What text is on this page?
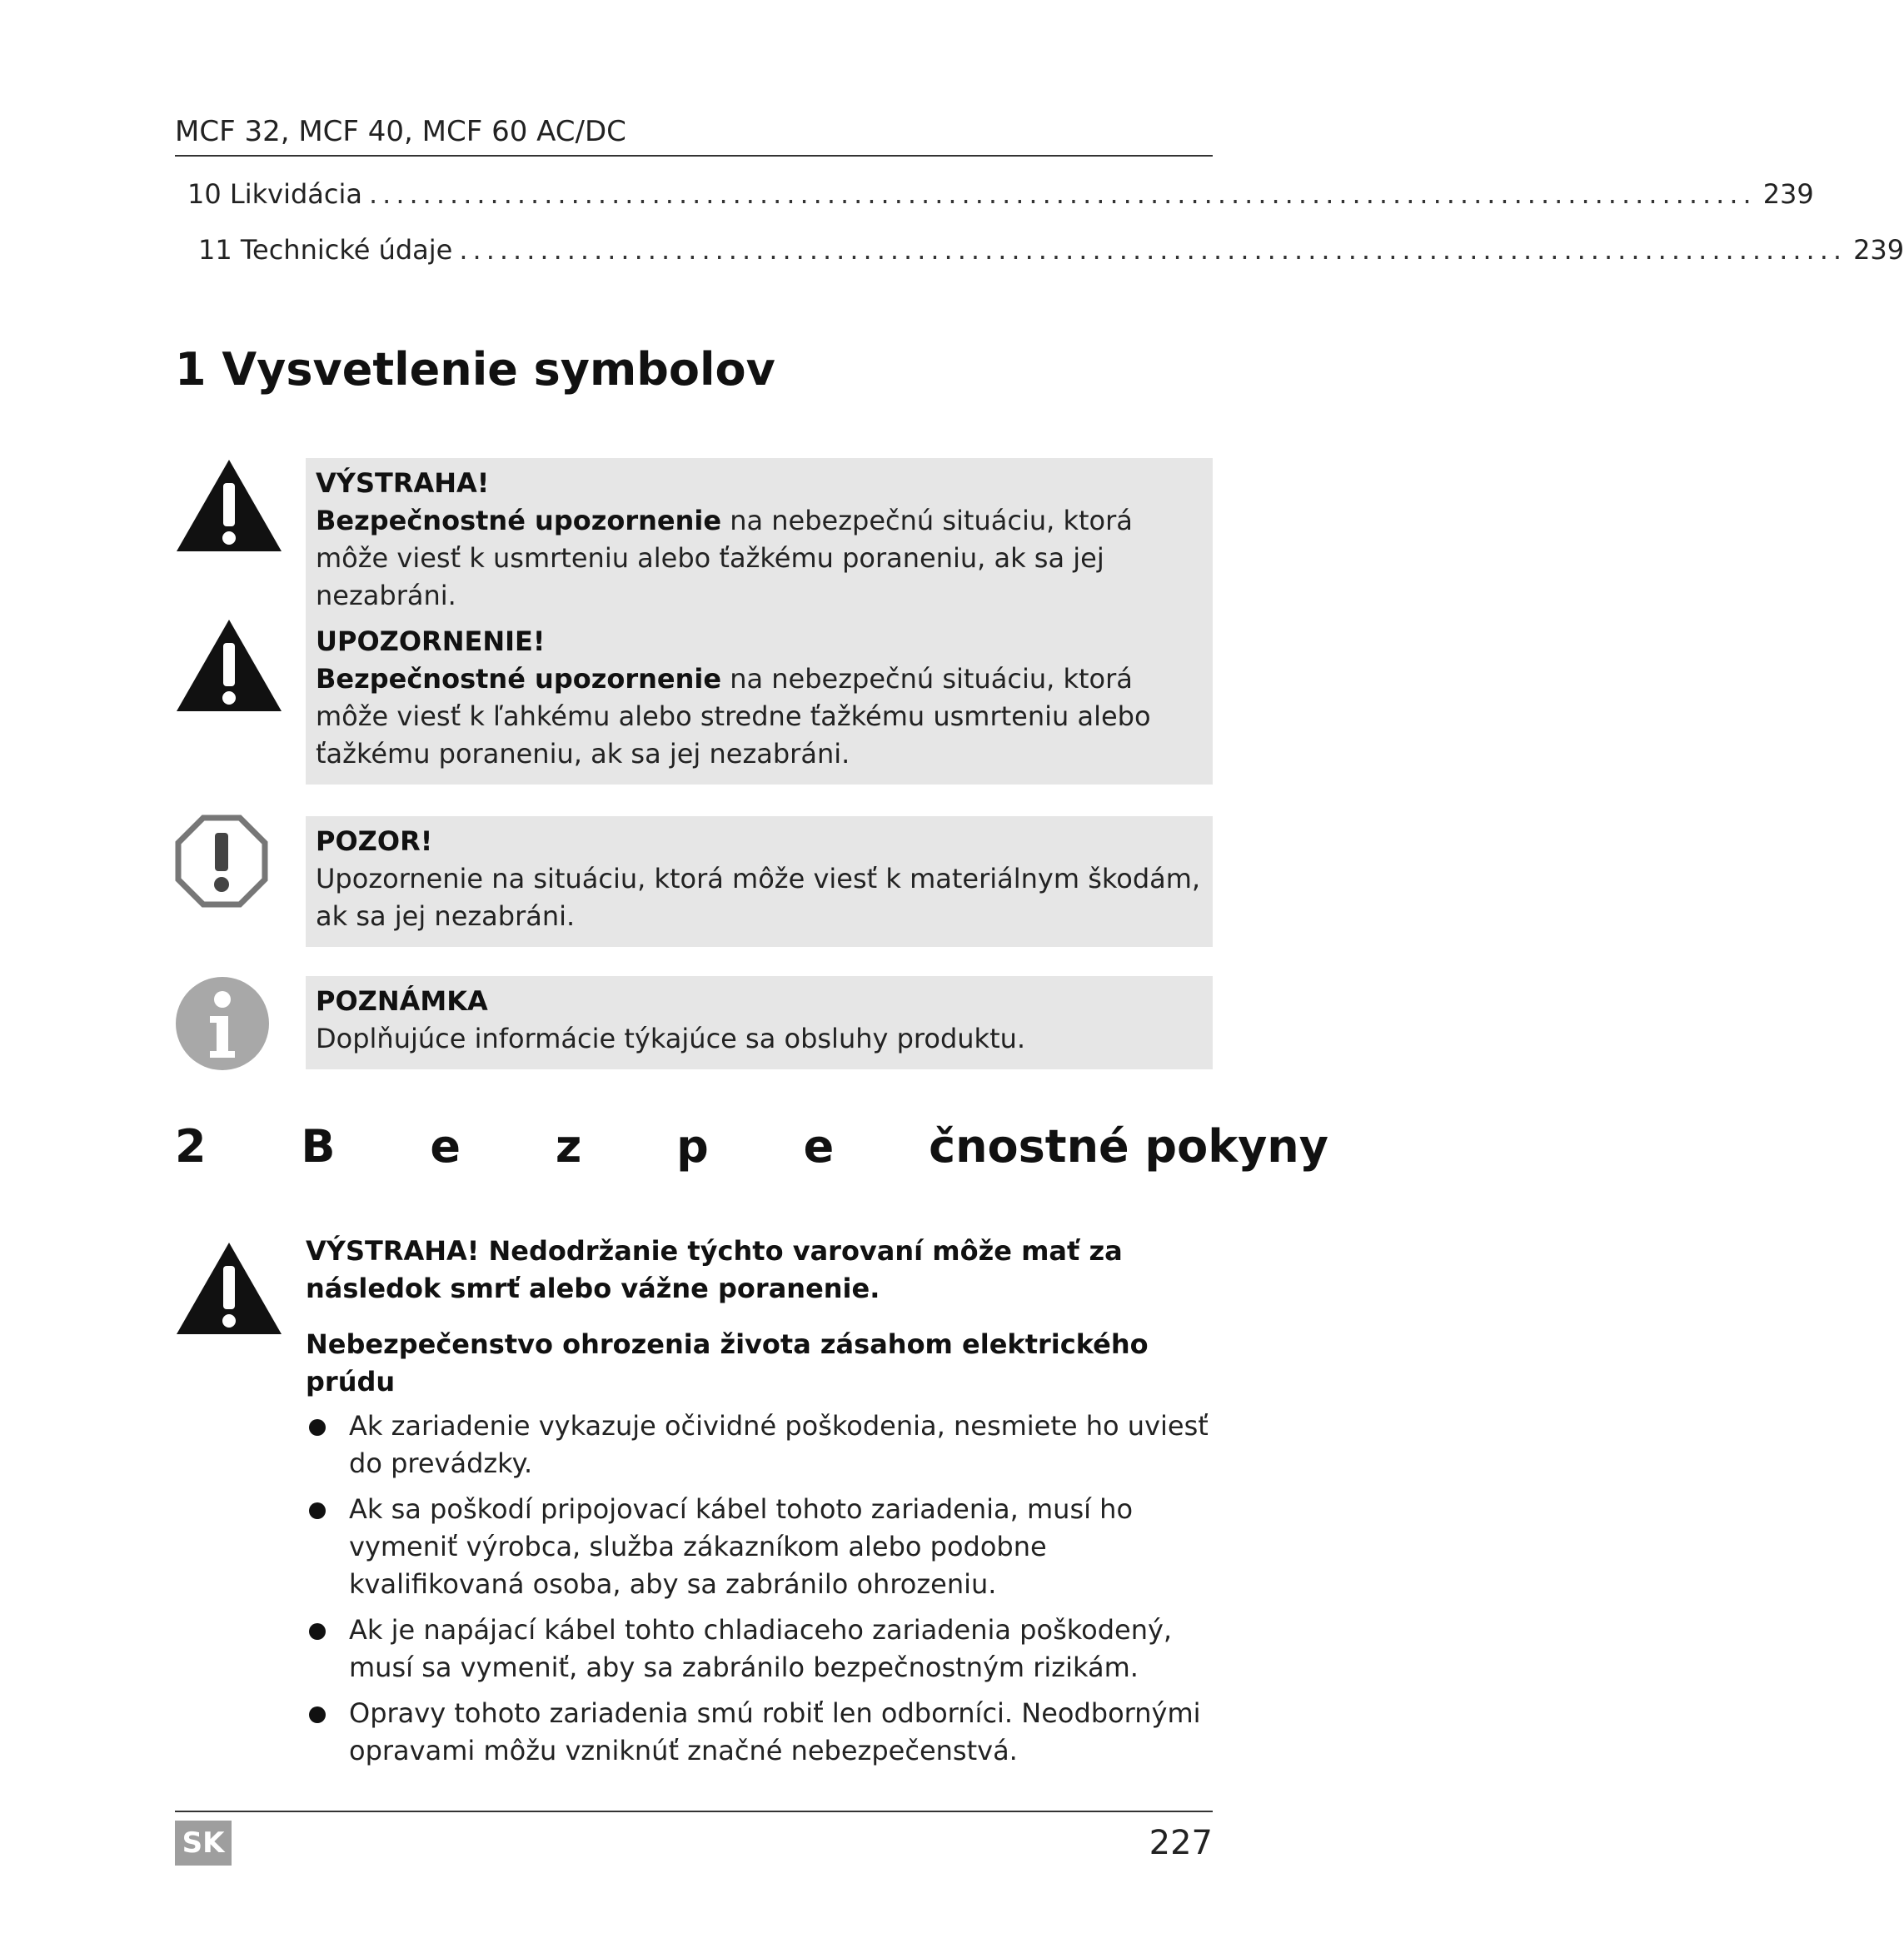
MCF 32, MCF 40, MCF 60 AC/DC
10 Likvidácia ....................................................................................................... 239
11 Technické údaje ....................................................................................................... 239
1 Vysvetlenie symbolov
VÝSTRAHA!
Bezpečnostné upozornenie na nebezpečnú situáciu, ktorá môže viesť k usmrteniu alebo ťažkému poraneniu, ak sa jej nezabráni.
UPOZORNENIE!
Bezpečnostné upozornenie na nebezpečnú situáciu, ktorá môže viesť k ľahkému alebo stredne ťažkému usmrteniu alebo ťažkému poraneniu, ak sa jej nezabráni.
POZOR!
Upozornenie na situáciu, ktorá môže viesť k materiálnym škodám, ak sa jej nezabráni.
POZNÁMKA
Doplňujúce informácie týkajúce sa obsluhy produktu.
2 B e z p e čnostné pokyny
VÝSTRAHA! Nedodržanie týchto varovaní môže mať za následok smrť alebo vážne poranenie.
Nebezpečenstvo ohrozenia života zásahom elektrického prúdu
Ak zariadenie vykazuje očividné poškodenia, nesmiete ho uviesť do prevádzky.
Ak sa poškodí pripojovací kábel tohoto zariadenia, musí ho vymeniť výrobca, služba zákazníkom alebo podobne kvalifikovaná osoba, aby sa zabránilo ohrozeniu.
Ak je napájací kábel tohto chladiaceho zariadenia poškodený, musí sa vymeniť, aby sa zabránilo bezpečnostným rizikám.
Opravy tohoto zariadenia smú robiť len odborníci. Neodbornými opravami môžu vzniknúť značné nebezpečenstvá.
SK	227
